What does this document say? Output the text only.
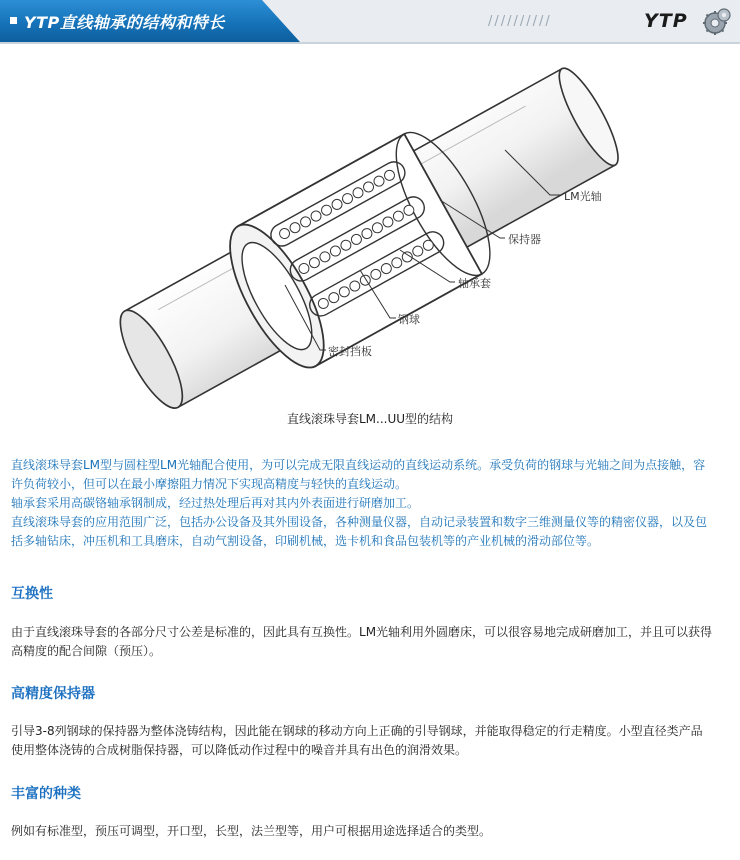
YTP直线轴承的结构和特长	//////////	YTP
LM光轴
保持器
轴承套
钢球
密封挡板
直线滚珠导套LM...UU型的结构
直线滚珠导套LM型与圆柱型LM光轴配合使用，为可以完成无限直线运动的直线运动系统。承受负荷的钢球与光轴之间为点接触，容
许负荷较小，但可以在最小摩擦阻力情况下实现高精度与轻快的直线运动。
轴承套采用高碳铬轴承钢制成，经过热处理后再对其内外表面进行研磨加工。
直线滚珠导套的应用范围广泛，包括办公设备及其外围设备，各种测量仪器，自动记录装置和数字三维测量仪等的精密仪器，以及包
括多轴钻床，冲压机和工具磨床，自动气割设备，印刷机械，选卡机和食品包装机等的产业机械的滑动部位等。
互换性
由于直线滚珠导套的各部分尺寸公差是标准的，因此具有互换性。LM光轴利用外圆磨床，可以很容易地完成研磨加工，并且可以获得
高精度的配合间隙（预压）。
高精度保持器
引导3-8列钢球的保持器为整体浇铸结构，因此能在钢球的移动方向上正确的引导钢球，并能取得稳定的行走精度。小型直径类产品
使用整体浇铸的合成树脂保持器，可以降低动作过程中的噪音并具有出色的润滑效果。
丰富的种类
例如有标准型，预压可调型，开口型，长型，法兰型等，用户可根据用途选择适合的类型。
